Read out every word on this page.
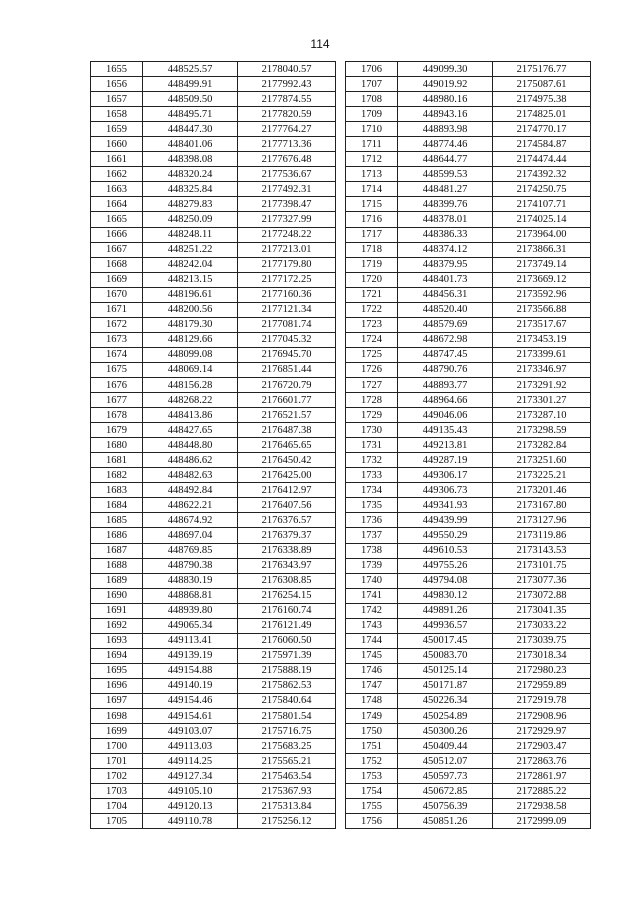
114
1655	448525.57	2178040.57
1656	448499.91	2177992.43
1657	448509.50	2177874.55
1658	448495.71	2177820.59
1659	448447.30	2177764.27
1660	448401.06	2177713.36
1661	448398.08	2177676.48
1662	448320.24	2177536.67
1663	448325.84	2177492.31
1664	448279.83	2177398.47
1665	448250.09	2177327.99
1666	448248.11	2177248.22
1667	448251.22	2177213.01
1668	448242.04	2177179.80
1669	448213.15	2177172.25
1670	448196.61	2177160.36
1671	448200.56	2177121.34
1672	448179.30	2177081.74
1673	448129.66	2177045.32
1674	448099.08	2176945.70
1675	448069.14	2176851.44
1676	448156.28	2176720.79
1677	448268.22	2176601.77
1678	448413.86	2176521.57
1679	448427.65	2176487.38
1680	448448.80	2176465.65
1681	448486.62	2176450.42
1682	448482.63	2176425.00
1683	448492.84	2176412.97
1684	448622.21	2176407.56
1685	448674.92	2176376.57
1686	448697.04	2176379.37
1687	448769.85	2176338.89
1688	448790.38	2176343.97
1689	448830.19	2176308.85
1690	448868.81	2176254.15
1691	448939.80	2176160.74
1692	449065.34	2176121.49
1693	449113.41	2176060.50
1694	449139.19	2175971.39
1695	449154.88	2175888.19
1696	449140.19	2175862.53
1697	449154.46	2175840.64
1698	449154.61	2175801.54
1699	449103.07	2175716.75
1700	449113.03	2175683.25
1701	449114.25	2175565.21
1702	449127.34	2175463.54
1703	449105.10	2175367.93
1704	449120.13	2175313.84
1705	449110.78	2175256.12
1706	449099.30	2175176.77
1707	449019.92	2175087.61
1708	448980.16	2174975.38
1709	448943.16	2174825.01
1710	448893.98	2174770.17
1711	448774.46	2174584.87
1712	448644.77	2174474.44
1713	448599.53	2174392.32
1714	448481.27	2174250.75
1715	448399.76	2174107.71
1716	448378.01	2174025.14
1717	448386.33	2173964.00
1718	448374.12	2173866.31
1719	448379.95	2173749.14
1720	448401.73	2173669.12
1721	448456.31	2173592.96
1722	448520.40	2173566.88
1723	448579.69	2173517.67
1724	448672.98	2173453.19
1725	448747.45	2173399.61
1726	448790.76	2173346.97
1727	448893.77	2173291.92
1728	448964.66	2173301.27
1729	449046.06	2173287.10
1730	449135.43	2173298.59
1731	449213.81	2173282.84
1732	449287.19	2173251.60
1733	449306.17	2173225.21
1734	449306.73	2173201.46
1735	449341.93	2173167.80
1736	449439.99	2173127.96
1737	449550.29	2173119.86
1738	449610.53	2173143.53
1739	449755.26	2173101.75
1740	449794.08	2173077.36
1741	449830.12	2173072.88
1742	449891.26	2173041.35
1743	449936.57	2173033.22
1744	450017.45	2173039.75
1745	450083.70	2173018.34
1746	450125.14	2172980.23
1747	450171.87	2172959.89
1748	450226.34	2172919.78
1749	450254.89	2172908.96
1750	450300.26	2172929.97
1751	450409.44	2172903.47
1752	450512.07	2172863.76
1753	450597.73	2172861.97
1754	450672.85	2172885.22
1755	450756.39	2172938.58
1756	450851.26	2172999.09
